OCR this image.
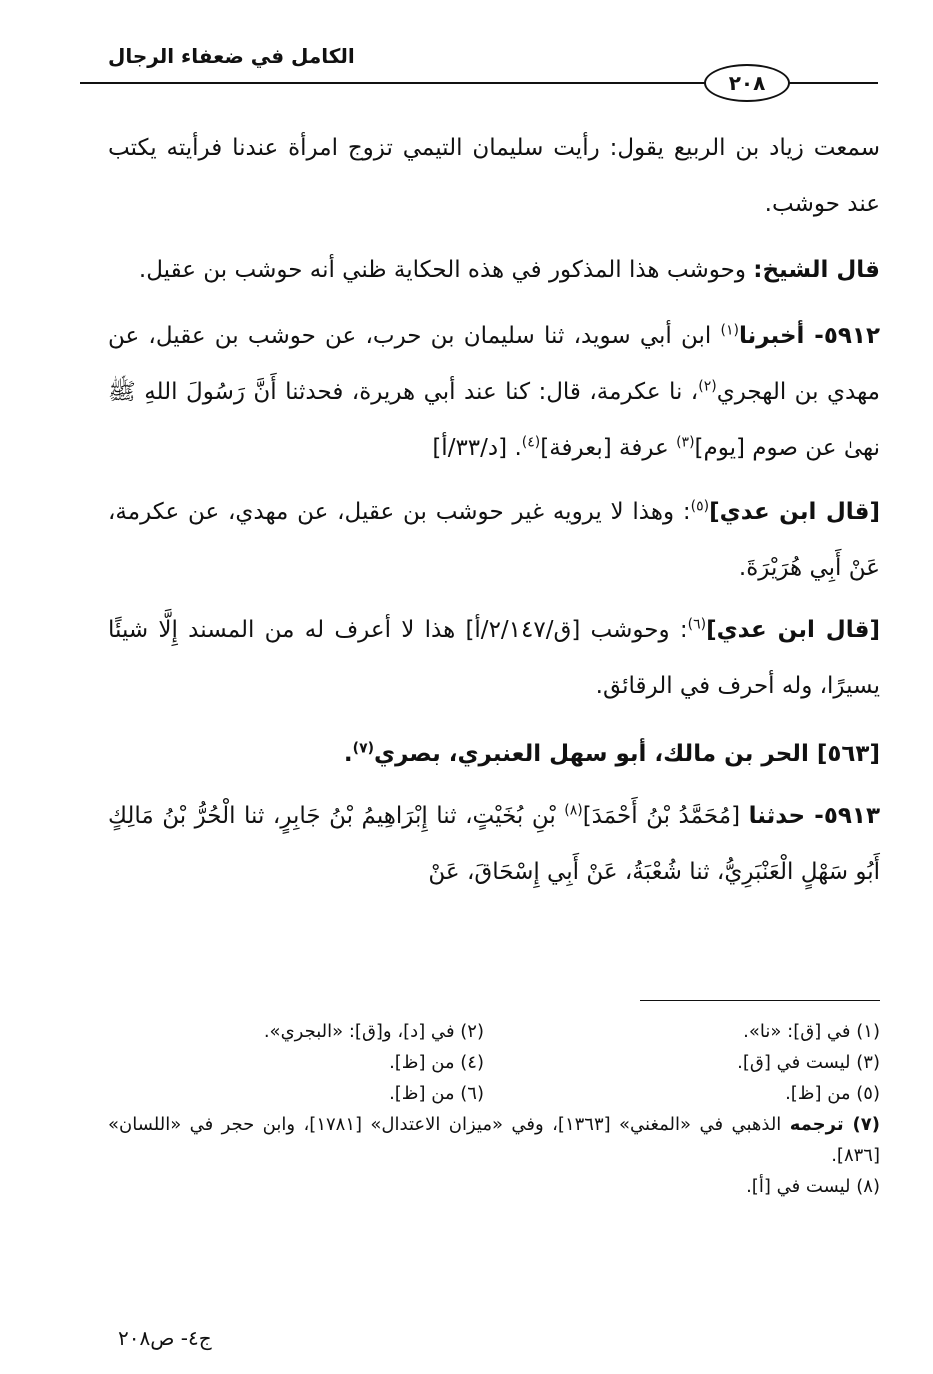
الكامل في ضعفاء الرجال
٢٠٨

سمعت زياد بن الربيع يقول: رأيت سليمان التيمي تزوج امرأة عندنا فرأيته يكتب عند حوشب.

قال الشيخ: وحوشب هذا المذكور في هذه الحكاية ظني أنه حوشب بن عقيل.

٥٩١٢- أخبرنا$^{(١)}$ ابن أبي سويد، ثنا سليمان بن حرب، عن حوشب بن عقيل، عن مهدي بن الهجري$^{(٢)}$، نا عكرمة، قال: كنا عند أبي هريرة، فحدثنا أَنَّ رَسُولَ اللهِ ﷺ نهىٰ عن صوم [يوم]$^{(٣)}$ عرفة [بعرفة]$^{(٤)}$. [د/٣٣/أ]

[قال ابن عدي]$^{(٥)}$: وهذا لا يرويه غير حوشب بن عقيل، عن مهدي، عن عكرمة، عَنْ أَبِي هُرَيْرَةَ.

[قال ابن عدي]$^{(٦)}$: وحوشب [ق/٢/١٤٧/أ] هذا لا أعرف له من المسند إِلَّا شيئًا يسيرًا، وله أحرف في الرقائق.

[٥٦٣] الحر بن مالك، أبو سهل العنبري، بصري$^{(٧)}$.

٥٩١٣- حدثنا [مُحَمَّدُ بْنُ أَحْمَدَ]$^{(٨)}$ بْنِ بُخَيْتٍ، ثنا إِبْرَاهِيمُ بْنُ جَابِرٍ، ثنا الْحُرُّ بْنُ مَالِكٍ أَبُو سَهْلٍ الْعَنْبَرِيُّ، ثنا شُعْبَةُ، عَنْ أَبِي إِسْحَاقَ، عَنْ

(١) في [ق]: «نا».
(٢) في [د]، و[ق]: «البجري».
(٣) ليست في [ق].
(٤) من [ظ].
(٥) من [ظ].
(٦) من [ظ].
(٧) ترجمه الذهبي في «المغني» [١٣٦٣]، وفي «ميزان الاعتدال» [١٧٨١]، وابن حجر في «اللسان» [٨٣٦].
(٨) ليست في [أ].
ج٤- ص٢٠٨
